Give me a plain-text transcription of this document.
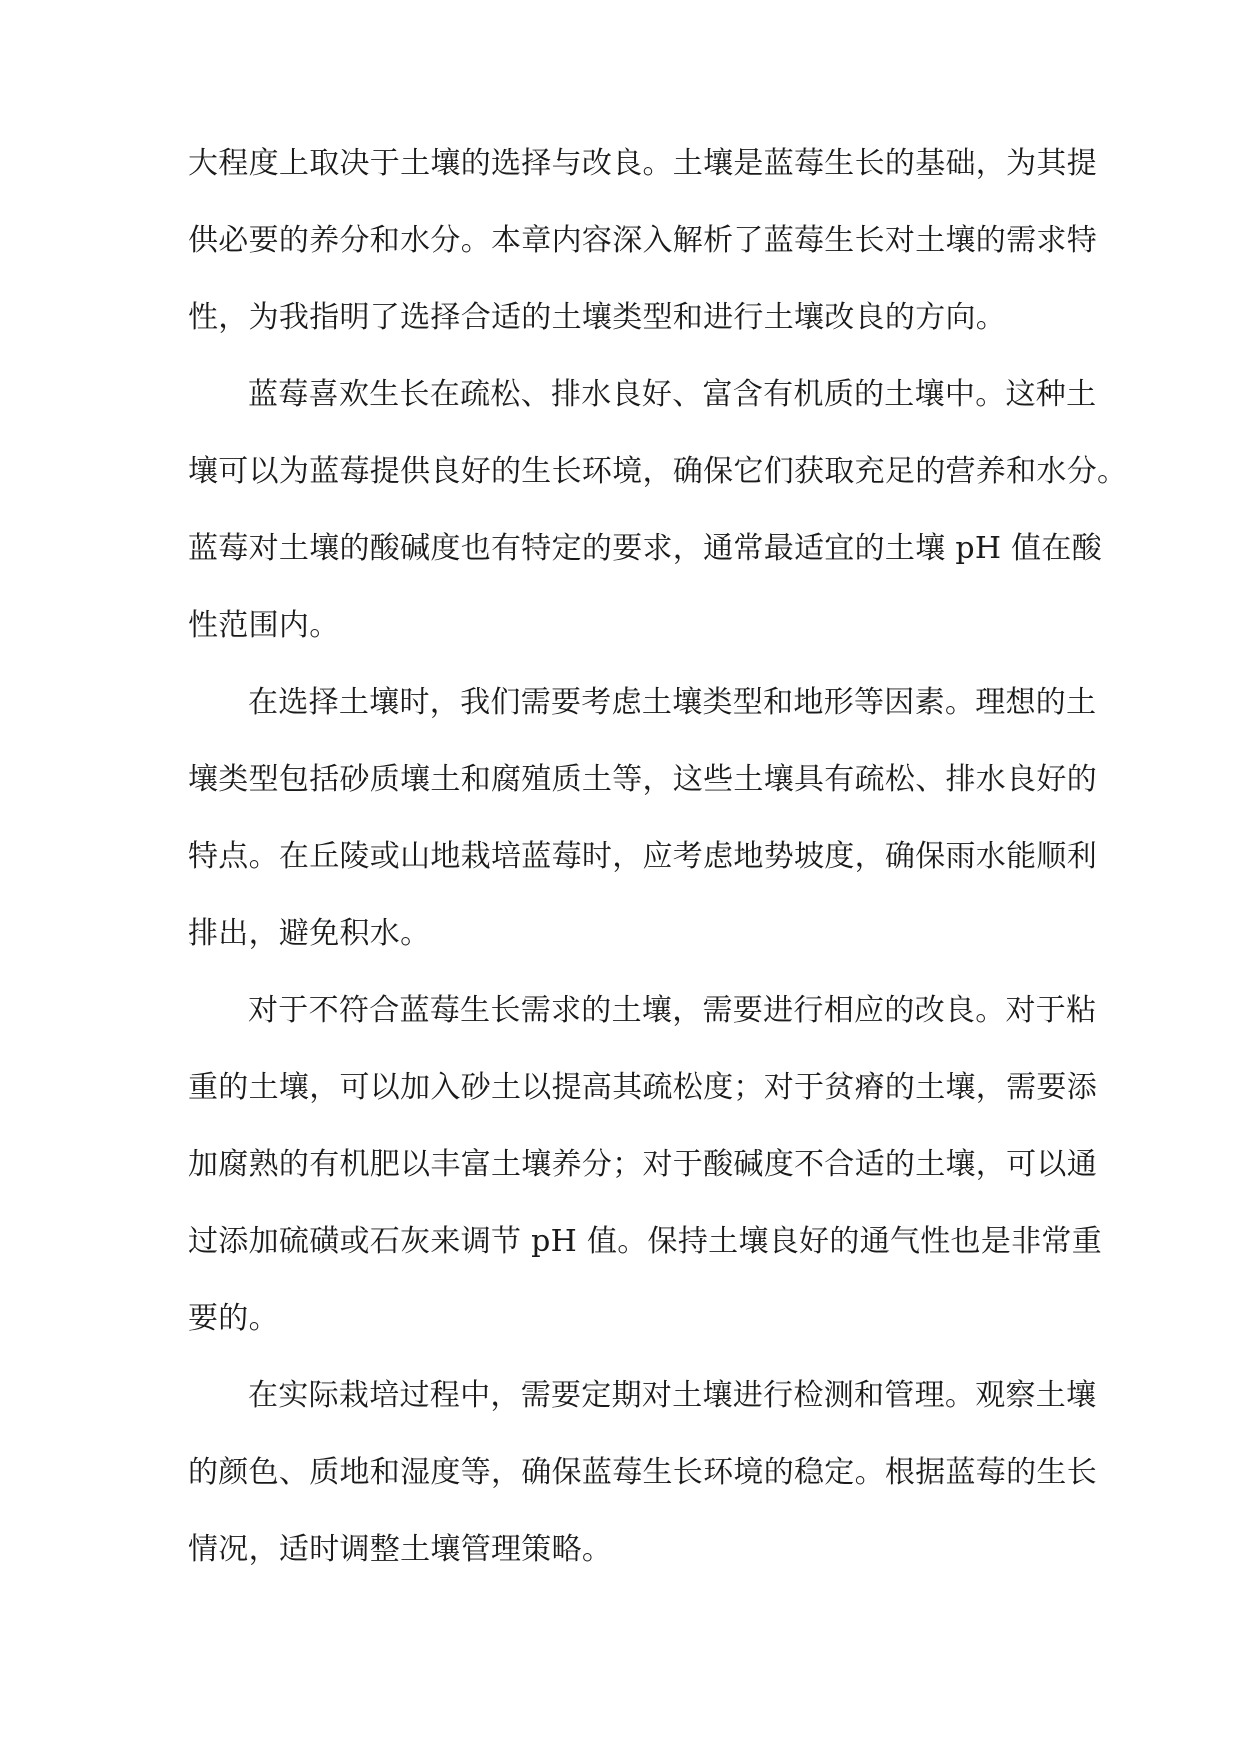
大程度上取决于土壤的选择与改良。土壤是蓝莓生长的基础，为其提
供必要的养分和水分。本章内容深入解析了蓝莓生长对土壤的需求特
性，为我指明了选择合适的土壤类型和进行土壤改良的方向。
蓝莓喜欢生长在疏松、排水良好、富含有机质的土壤中。这种土
壤可以为蓝莓提供良好的生长环境，确保它们获取充足的营养和水分。
蓝莓对土壤的酸碱度也有特定的要求，通常最适宜的土壤 pH 值在酸
性范围内。
在选择土壤时，我们需要考虑土壤类型和地形等因素。理想的土
壤类型包括砂质壤土和腐殖质土等，这些土壤具有疏松、排水良好的
特点。在丘陵或山地栽培蓝莓时，应考虑地势坡度，确保雨水能顺利
排出，避免积水。
对于不符合蓝莓生长需求的土壤，需要进行相应的改良。对于粘
重的土壤，可以加入砂土以提高其疏松度；对于贫瘠的土壤，需要添
加腐熟的有机肥以丰富土壤养分；对于酸碱度不合适的土壤，可以通
过添加硫磺或石灰来调节 pH 值。保持土壤良好的通气性也是非常重
要的。
在实际栽培过程中，需要定期对土壤进行检测和管理。观察土壤
的颜色、质地和湿度等，确保蓝莓生长环境的稳定。根据蓝莓的生长
情况，适时调整土壤管理策略。
